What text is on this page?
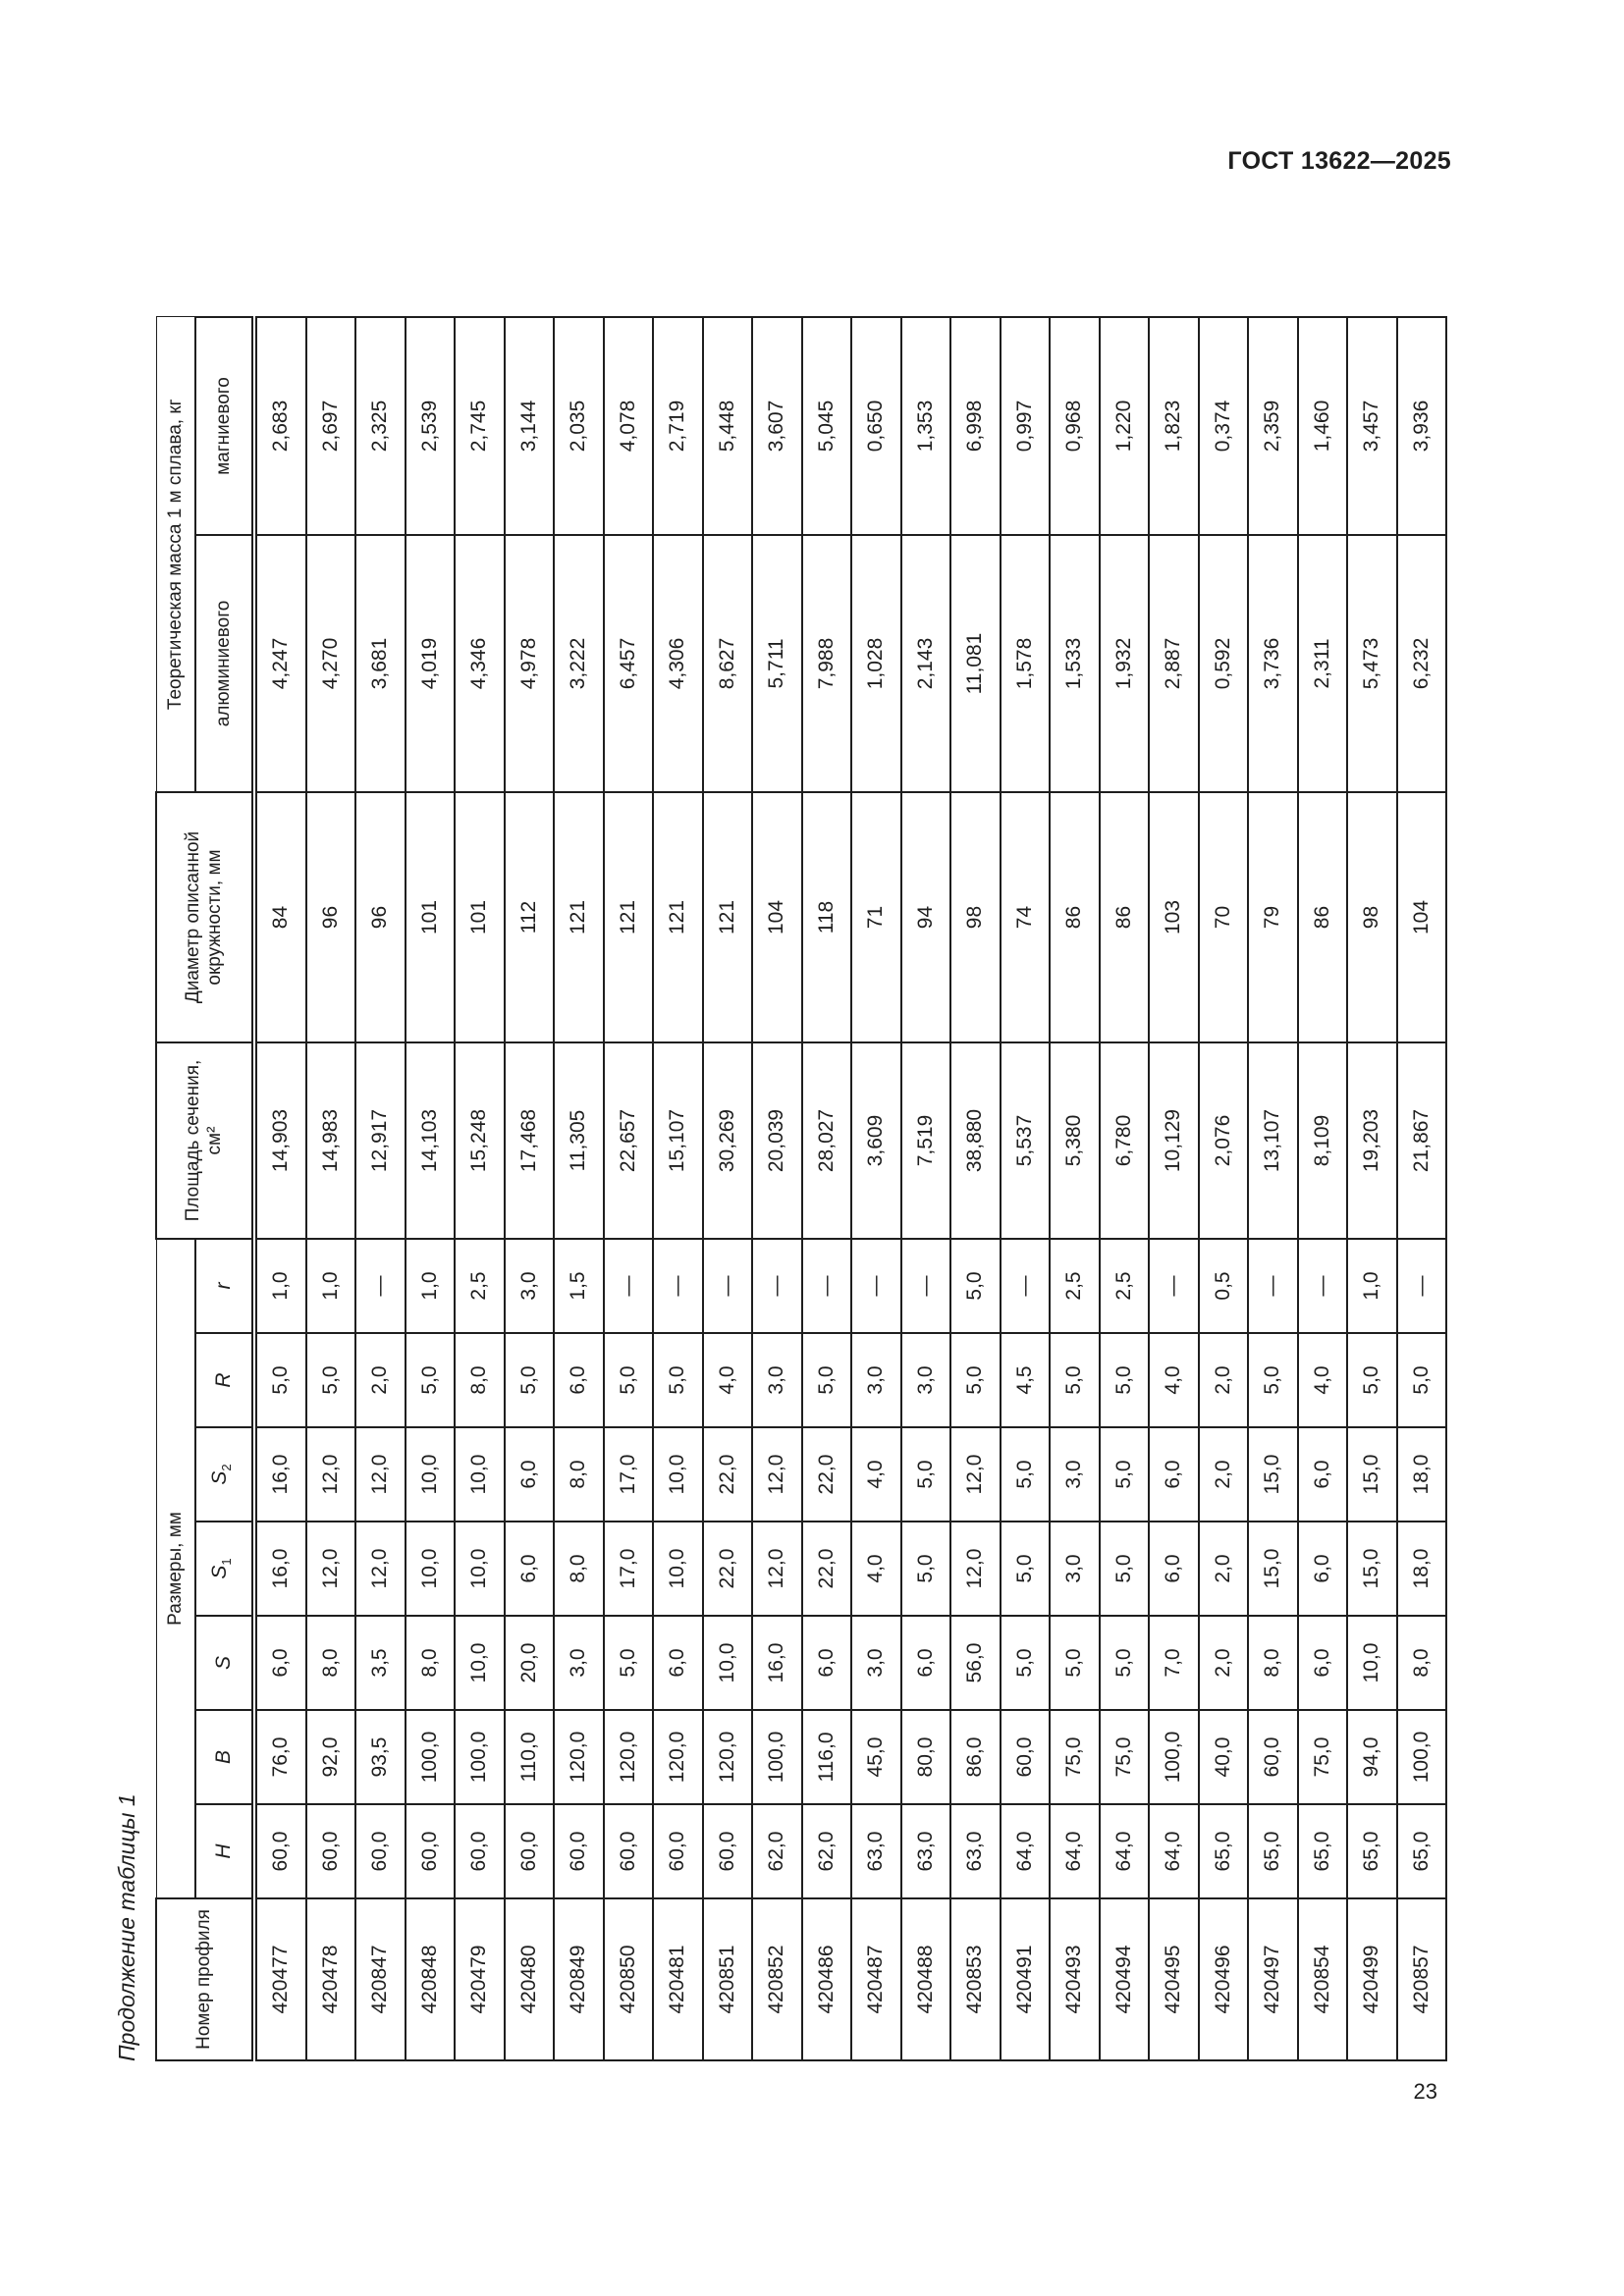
ГОСТ 13622—2025
Продолжение таблицы 1	Номер профиля	Размеры, мм							Площадь сечения, см²	Диаметр описанной окружности, мм	Теоретическая масса 1 м сплава, кг	
	H	B	S	$S_1$	$S_2$	R	r			алюминиевого	магниевого
420477	60,0	76,0	6,0	16,0	16,0	5,0	1,0	14,903	84	4,247	2,683
420478	60,0	92,0	8,0	12,0	12,0	5,0	1,0	14,983	96	4,270	2,697
420847	60,0	93,5	3,5	12,0	12,0	2,0	—	12,917	96	3,681	2,325
420848	60,0	100,0	8,0	10,0	10,0	5,0	1,0	14,103	101	4,019	2,539
420479	60,0	100,0	10,0	10,0	10,0	8,0	2,5	15,248	101	4,346	2,745
420480	60,0	110,0	20,0	6,0	6,0	5,0	3,0	17,468	112	4,978	3,144
420849	60,0	120,0	3,0	8,0	8,0	6,0	1,5	11,305	121	3,222	2,035
420850	60,0	120,0	5,0	17,0	17,0	5,0	—	22,657	121	6,457	4,078
420481	60,0	120,0	6,0	10,0	10,0	5,0	—	15,107	121	4,306	2,719
420851	60,0	120,0	10,0	22,0	22,0	4,0	—	30,269	121	8,627	5,448
420852	62,0	100,0	16,0	12,0	12,0	3,0	—	20,039	104	5,711	3,607
420486	62,0	116,0	6,0	22,0	22,0	5,0	—	28,027	118	7,988	5,045
420487	63,0	45,0	3,0	4,0	4,0	3,0	—	3,609	71	1,028	0,650
420488	63,0	80,0	6,0	5,0	5,0	3,0	—	7,519	94	2,143	1,353
420853	63,0	86,0	56,0	12,0	12,0	5,0	5,0	38,880	98	11,081	6,998
420491	64,0	60,0	5,0	5,0	5,0	4,5	—	5,537	74	1,578	0,997
420493	64,0	75,0	5,0	3,0	3,0	5,0	2,5	5,380	86	1,533	0,968
420494	64,0	75,0	5,0	5,0	5,0	5,0	2,5	6,780	86	1,932	1,220
420495	64,0	100,0	7,0	6,0	6,0	4,0	—	10,129	103	2,887	1,823
420496	65,0	40,0	2,0	2,0	2,0	2,0	0,5	2,076	70	0,592	0,374
420497	65,0	60,0	8,0	15,0	15,0	5,0	—	13,107	79	3,736	2,359
420854	65,0	75,0	6,0	6,0	6,0	4,0	—	8,109	86	2,311	1,460
420499	65,0	94,0	10,0	15,0	15,0	5,0	1,0	19,203	98	5,473	3,457
420857	65,0	100,0	8,0	18,0	18,0	5,0	—	21,867	104	6,232	3,936
23
